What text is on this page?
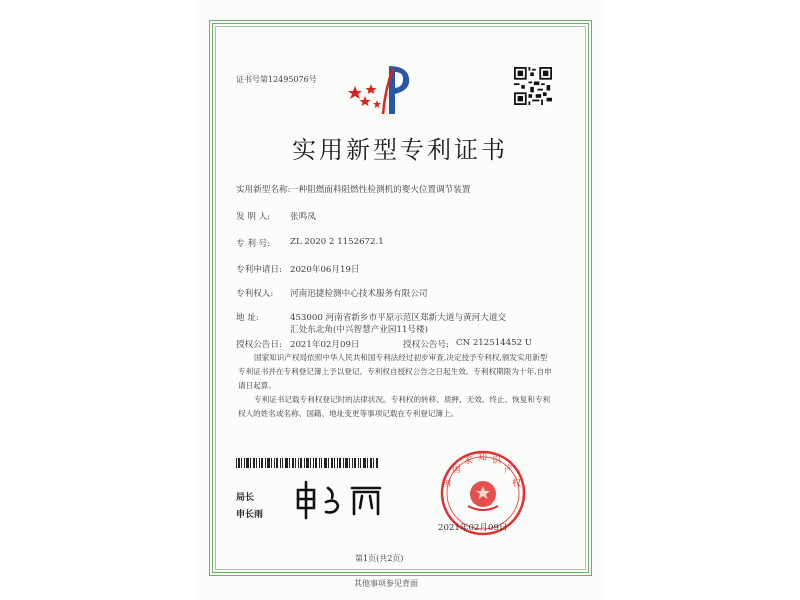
证书号第12495076号
实用新型专利证书
实用新型名称: 一种阻燃面料阻燃性检测机的婴火位置调节装置
发 明 人: 张鸣凤
专 利 号: ZL 2020 2 1152672.1
专利申请日: 2020年06月19日
专利权人: 河南迅捷检测中心技术服务有限公司
地 址:	453000 河南省新乡市平原示范区郑新大道与黄河大道交
汇处东北角(中兴智慧产业园11号楼)
授权公告日: 2021年02月09日	授权公告号: CN 212514452 U
国家知识产权局依照中华人民共和国专利法经过初步审查,决定授予专利权,颁发实用新型专利证书并在专利登记簿上予以登记。专利权自授权公告之日起生效。专利权期限为十年,自申请日起算。
专利证书记载专利权登记时的法律状况。专利权的转移、质押、无效、终止、恢复和专利权人的姓名或名称、国籍、地址变更等事项记载在专利登记簿上。
局长
申长雨
国
家 知 识
产
权
国
2021年02月09日
第1页(共2页)
其他事项参见背面
